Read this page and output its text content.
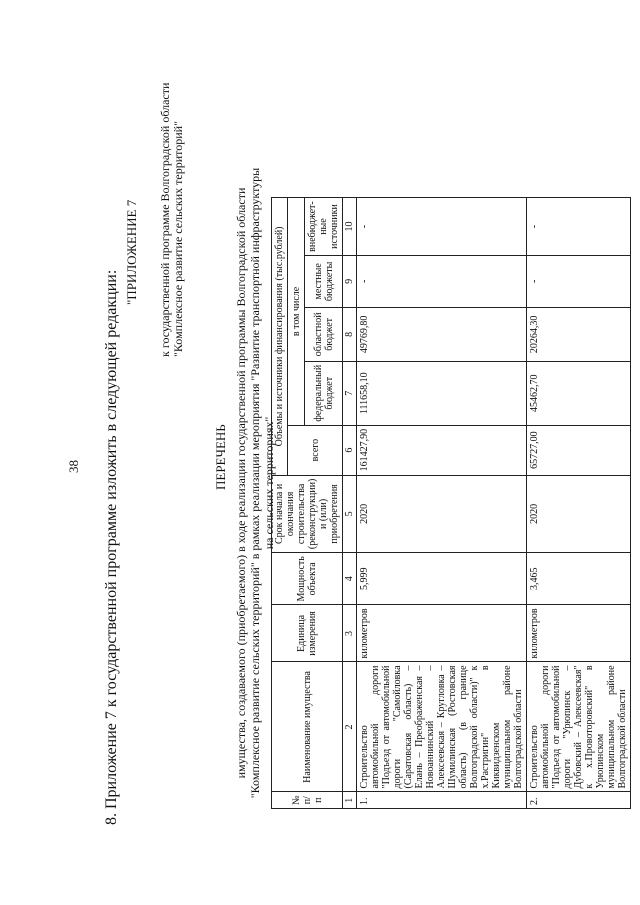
38 8. Приложение 7 к государственной программе изложить в следующей редакции:
"ПРИЛОЖЕНИЕ 7 к государственной программе Волгоградской области "Комплексное развитие сельских территорий"
ПЕРЕЧЕНЬ имущества, создаваемого (приобретаемого) в ходе реализации государственной программы Волгоградской области "Комплексное развитие сельских территорий" в рамках реализации мероприятия "Развитие транспортной инфраструктуры на сельских территориях"
№ п/п	Наименование имущества	Единица измерения	Мощность объекта	Срок начала и окончания строительства (реконструкции) и (или) приобретения	Объемы и источники финансирования (тыс.рублей)				
					всего	в том числе			
						федеральный бюджет	областной бюджет	местные бюджеты	внебюджет-ные источники
1	2	3	4	5	6	7	8	9	10
1.	Строительство автомобильной дороги "Подъезд от автомобильной дороги "Самойловка (Саратовская область) – Елань – Преображенская – Новоаннинский – Алексеевская – Кругловка – Шумилинская (Ростовская область) (в границе Волгоградской области)" к х.Растригин" в Киквидзенском муниципальном районе Волгоградской области	километров	5,999	2020	161427,90	111658,10	49769,80	-	-
2.	Строительство автомобильной дороги "Подъезд от автомобильной дороги "Урюпинск – Дубовский – Алексеевская" к х.Провоторовский" в Урюпинском муниципальном районе Волгоградской области	километров	3,465	2020	65727,00	45462,70	20264,30	-	-
